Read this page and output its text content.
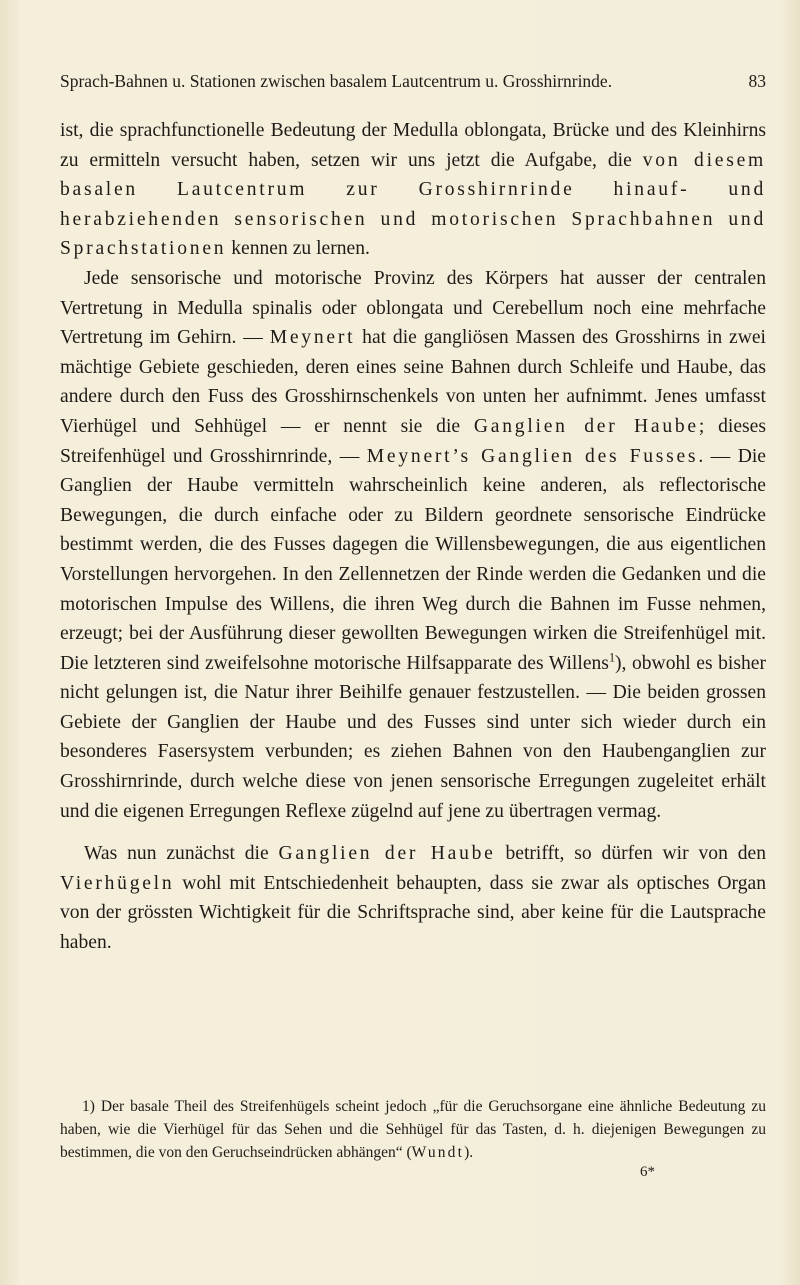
Sprach-Bahnen u. Stationen zwischen basalem Lautcentrum u. Grosshirnrinde.	83

ist, die sprachfunctionelle Bedeutung der Medulla oblongata, Brücke und des Kleinhirns zu ermitteln versucht haben, setzen wir uns jetzt die Aufgabe, die von diesem basalen Lautcentrum zur Grosshirnrinde hinauf- und herabziehenden sensorischen und motorischen Sprachbahnen und Sprachstationen kennen zu lernen.

Jede sensorische und motorische Provinz des Körpers hat ausser der centralen Vertretung in Medulla spinalis oder oblongata und Cerebellum noch eine mehrfache Vertretung im Gehirn. — Meynert hat die gangliösen Massen des Grosshirns in zwei mächtige Gebiete geschieden, deren eines seine Bahnen durch Schleife und Haube, das andere durch den Fuss des Grosshirnschenkels von unten her aufnimmt. Jenes umfasst Vierhügel und Sehhügel — er nennt sie die Ganglien der Haube; dieses Streifenhügel und Grosshirnrinde, — Meynert’s Ganglien des Fusses. — Die Ganglien der Haube vermitteln wahrscheinlich keine anderen, als reflectorische Bewegungen, die durch einfache oder zu Bildern geordnete sensorische Eindrücke bestimmt werden, die des Fusses dagegen die Willensbewegungen, die aus eigentlichen Vorstellungen hervorgehen. In den Zellennetzen der Rinde werden die Gedanken und die motorischen Impulse des Willens, die ihren Weg durch die Bahnen im Fusse nehmen, erzeugt; bei der Ausführung dieser gewollten Bewegungen wirken die Streifenhügel mit. Die letzteren sind zweifelsohne motorische Hilfsapparate des Willens$^1$), obwohl es bisher nicht gelungen ist, die Natur ihrer Beihilfe genauer festzustellen. — Die beiden grossen Gebiete der Ganglien der Haube und des Fusses sind unter sich wieder durch ein besonderes Fasersystem verbunden; es ziehen Bahnen von den Haubenganglien zur Grosshirnrinde, durch welche diese von jenen sensorische Erregungen zugeleitet erhält und die eigenen Erregungen Reflexe zügelnd auf jene zu übertragen vermag.

Was nun zunächst die Ganglien der Haube betrifft, so dürfen wir von den Vierhügeln wohl mit Entschiedenheit behaupten, dass sie zwar als optisches Organ von der grössten Wichtigkeit für die Schriftsprache sind, aber keine für die Lautsprache haben.

1) Der basale Theil des Streifenhügels scheint jedoch „für die Geruchsorgane eine ähnliche Bedeutung zu haben, wie die Vierhügel für das Sehen und die Sehhügel für das Tasten, d. h. diejenigen Bewegungen zu bestimmen, die von den Geruchseindrücken abhängen“ (Wundt).

6*
